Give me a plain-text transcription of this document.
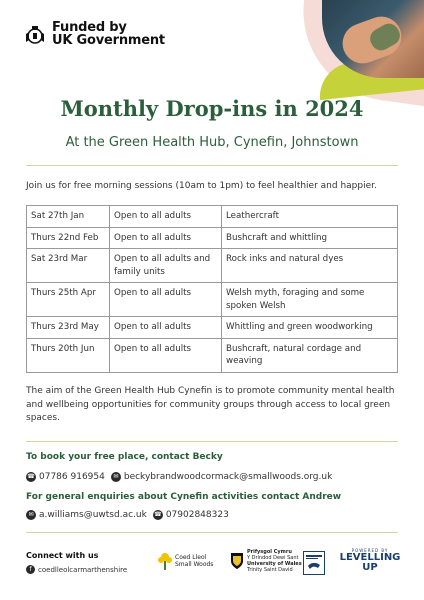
Funded by
UK Government
Monthly Drop-ins in 2024
At the Green Health Hub, Cynefin, Johnstown
Join us for free morning sessions (10am to 1pm) to feel healthier and happier.
Sat 27th Jan	Open to all adults	Leathercraft
Thurs 22nd Feb	Open to all adults	Bushcraft and whittling
Sat 23rd Mar	Open to all adults and family units	Rock inks and natural dyes
Thurs 25th Apr	Open to all adults	Welsh myth, foraging and some spoken Welsh
Thurs 23rd May	Open to all adults	Whittling and green woodworking
Thurs 20th Jun	Open to all adults	Bushcraft, natural cordage and weaving
The aim of the Green Health Hub Cynefin is to promote community mental health and wellbeing opportunities for community groups through access to local green spaces.
To book your free place, contact Becky
☎ 07786 916954	✉ beckybrandwoodcormack@smallwoods.org.uk
For general enquiries about Cynefin activities contact Andrew
✉ a.williams@uwtsd.ac.uk ☎ 07902848323
Connect with us
f coedlleolcarmarthenshire
Coed Lleol
Small Woods
Prifysgol Cymru
Y Drindod Dewi Sant
University of Wales
Trinity Saint David
POWERED BY
LEVELLING
UP
